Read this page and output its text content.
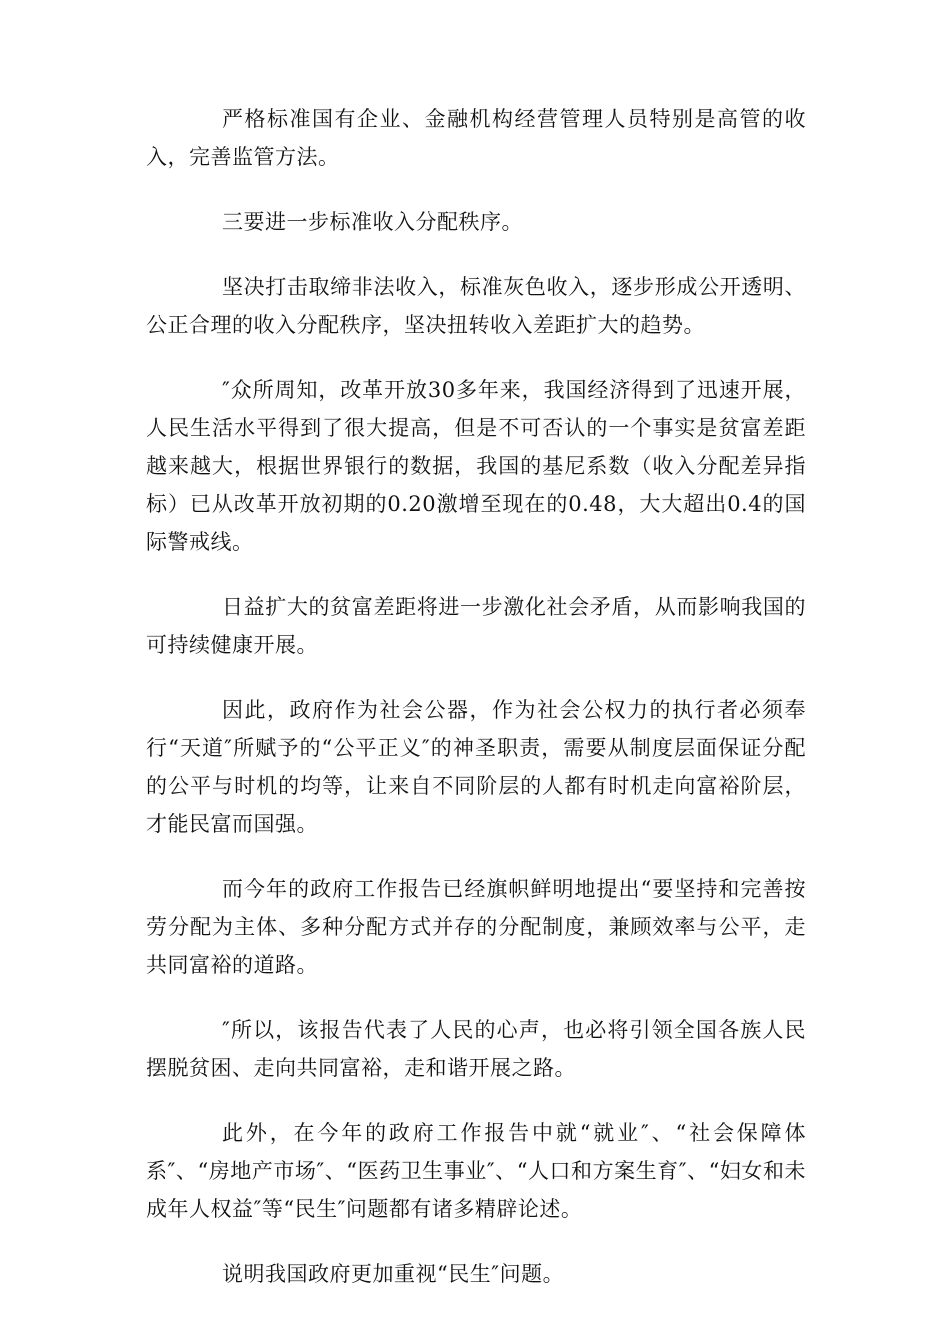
严格标准国有企业、金融机构经营管理人员特别是高管的收入，完善监管方法。

三要进一步标准收入分配秩序。

坚决打击取缔非法收入，标准灰色收入，逐步形成公开透明、公正合理的收入分配秩序，坚决扭转收入差距扩大的趋势。

″众所周知，改革开放30多年来，我国经济得到了迅速开展，人民生活水平得到了很大提高，但是不可否认的一个事实是贫富差距越来越大，根据世界银行的数据，我国的基尼系数（收入分配差异指标）已从改革开放初期的0.20激增至现在的0.48，大大超出0.4的国际警戒线。

日益扩大的贫富差距将进一步激化社会矛盾，从而影响我国的可持续健康开展。

因此，政府作为社会公器，作为社会公权力的执行者必须奉行“天道″所赋予的“公平正义″的神圣职责，需要从制度层面保证分配的公平与时机的均等，让来自不同阶层的人都有时机走向富裕阶层，才能民富而国强。

而今年的政府工作报告已经旗帜鲜明地提出“要坚持和完善按劳分配为主体、多种分配方式并存的分配制度，兼顾效率与公平，走共同富裕的道路。

″所以，该报告代表了人民的心声，也必将引领全国各族人民摆脱贫困、走向共同富裕，走和谐开展之路。

此外，在今年的政府工作报告中就“就业″、“社会保障体系″、“房地产市场″、“医药卫生事业″、“人口和方案生育″、“妇女和未成年人权益″等“民生″问题都有诸多精辟论述。

说明我国政府更加重视“民生″问题。
